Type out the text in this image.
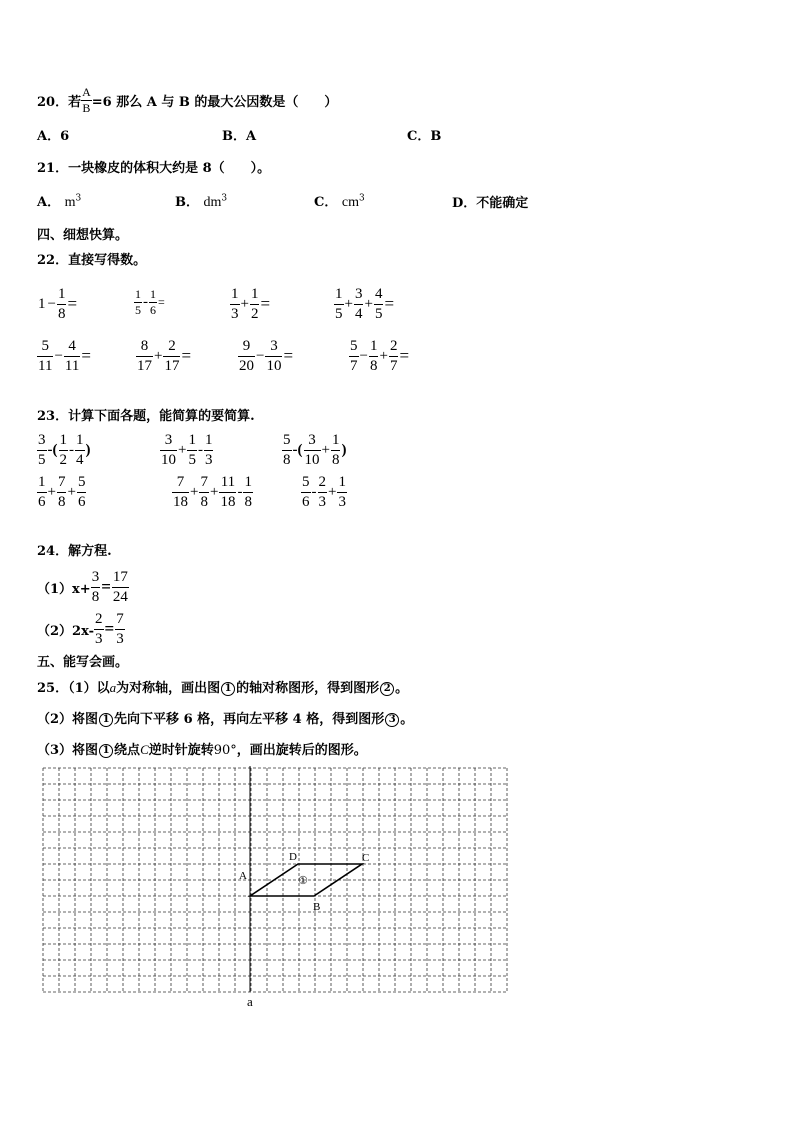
20．若 $\frac{A}{B} =6$ 那么 A 与 B 的最大公因数是（　　）
A．6	B．A	C．B
21．一块橡皮的体积大约是 8（　　）。
A． $m^3$	B． $dm^3$	C． $cm^3$	D．不能确定
四、细想快算。
22．直接写得数。
$1 - \frac{1}{8}$ =	$\frac{1}{5} - \frac{1}{6}$ =	$\frac{1}{3} + \frac{1}{2}$ =	$\frac{1}{5} + \frac{3}{4} + \frac{4}{5}$ =
$\frac{5}{11} - \frac{4}{11}$ =	$\frac{8}{17} + \frac{2}{17}$ =	$\frac{9}{20} - \frac{3}{10}$ =	$\frac{5}{7} - \frac{1}{8} + \frac{2}{7}$ =
23．计算下面各题，能简算的要简算.
$\frac{3}{5}$ -( $\frac{1}{2} - \frac{1}{4}$ )	$\frac{3}{10} + \frac{1}{5} - \frac{1}{3}$	$\frac{5}{8}$ -( $\frac{3}{10} + \frac{1}{8}$ )
$\frac{1}{6} + \frac{7}{8} + \frac{5}{6}$	$\frac{7}{18} + \frac{7}{8} + \frac{11}{18} - \frac{1}{8}$	$\frac{5}{6} - \frac{2}{3} + \frac{1}{3}$
24．解方程.
$(1)x+ \frac{3}{8} = \frac{17}{24}$
$(2)2x- \frac{2}{3} = \frac{7}{3}$
五、能写会画。
25．（1）以a为对称轴，画出图 1 的轴对称图形，得到图形 2 。
（2）将图 1 先向下平移 6 格，再向左平移 4 格，得到图形 3 。
（3）将图 1 绕点C逆时针旋转90°，画出旋转后的图形。
A
B
C
D
①
a
